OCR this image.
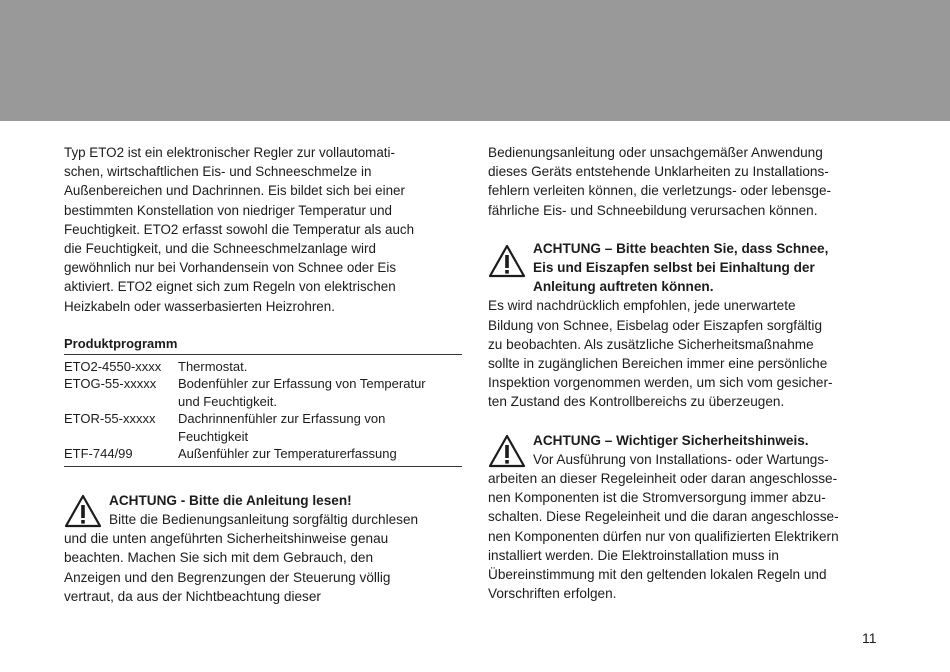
Typ ETO2 ist ein elektronischer Regler zur vollautomati-
schen, wirtschaftlichen Eis- und Schneeschmelze in
Außenbereichen und Dachrinnen. Eis bildet sich bei einer
bestimmten Konstellation von niedriger Temperatur und
Feuchtigkeit. ETO2 erfasst sowohl die Temperatur als auch
die Feuchtigkeit, und die Schneeschmelzanlage wird
gewöhnlich nur bei Vorhandensein von Schnee oder Eis
aktiviert. ETO2 eignet sich zum Regeln von elektrischen
Heizkabeln oder wasserbasierten Heizrohren.
Produktprogramm
ETO2-4550-xxxx	Thermostat.

ETOG-55-xxxxx	Bodenfühler zur Erfassung von Temperatur
und Feuchtigkeit.

ETOR-55-xxxxx	Dachrinnenfühler zur Erfassung von
Feuchtigkeit

ETF-744/99	Außenfühler zur Temperaturerfassung
ACHTUNG - Bitte die Anleitung lesen!
Bitte die Bedienungsanleitung sorgfältig durchlesen
und die unten angeführten Sicherheitshinweise genau
beachten. Machen Sie sich mit dem Gebrauch, den
Anzeigen und den Begrenzungen der Steuerung völlig
vertraut, da aus der Nichtbeachtung dieser
Bedienungsanleitung oder unsachgemäßer Anwendung
dieses Geräts entstehende Unklarheiten zu Installations-
fehlern verleiten können, die verletzungs- oder lebensge-
fährliche Eis- und Schneebildung verursachen können.
ACHTUNG – Bitte beachten Sie, dass Schnee,
Eis und Eiszapfen selbst bei Einhaltung der
Anleitung auftreten können.
Es wird nachdrücklich empfohlen, jede unerwartete
Bildung von Schnee, Eisbelag oder Eiszapfen sorgfältig
zu beobachten. Als zusätzliche Sicherheitsmaßnahme
sollte in zugänglichen Bereichen immer eine persönliche
Inspektion vorgenommen werden, um sich vom gesicher-
ten Zustand des Kontrollbereichs zu überzeugen.
ACHTUNG – Wichtiger Sicherheitshinweis.
Vor Ausführung von Installations- oder Wartungs-
arbeiten an dieser Regeleinheit oder daran angeschlosse-
nen Komponenten ist die Stromversorgung immer abzu-
schalten. Diese Regeleinheit und die daran angeschlosse-
nen Komponenten dürfen nur von qualifizierten Elektrikern
installiert werden. Die Elektroinstallation muss in
Übereinstimmung mit den geltenden lokalen Regeln und
Vorschriften erfolgen.
11
